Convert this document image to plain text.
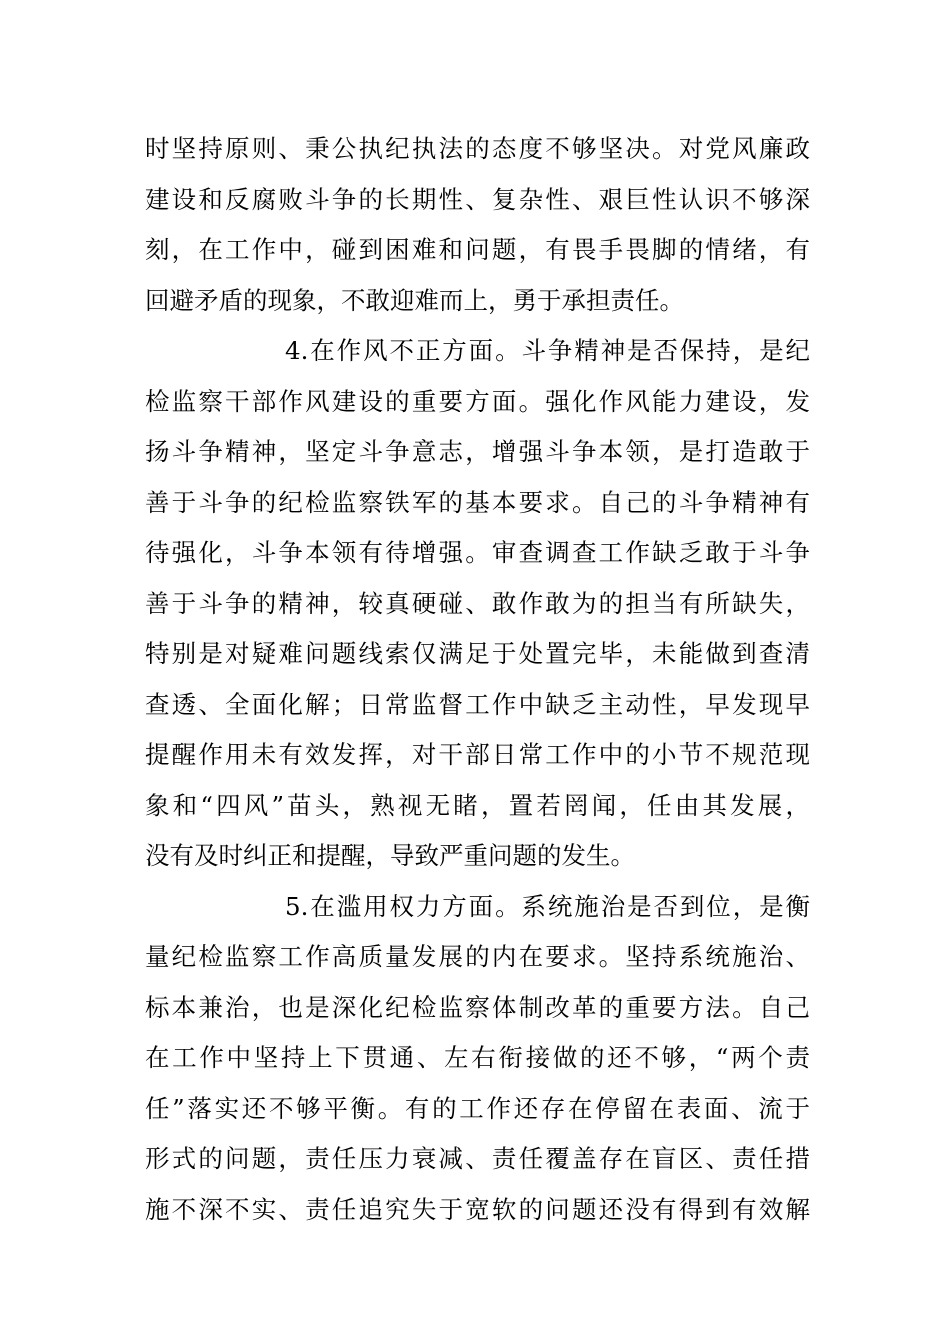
时坚持原则、秉公执纪执法的态度不够坚决。对党风廉政
建设和反腐败斗争的长期性、复杂性、艰巨性认识不够深
刻，在工作中，碰到困难和问题，有畏手畏脚的情绪，有
回避矛盾的现象，不敢迎难而上，勇于承担责任。
4.在作风不正方面。斗争精神是否保持，是纪
检监察干部作风建设的重要方面。强化作风能力建设，发
扬斗争精神，坚定斗争意志，增强斗争本领，是打造敢于
善于斗争的纪检监察铁军的基本要求。自己的斗争精神有
待强化，斗争本领有待增强。审查调查工作缺乏敢于斗争
善于斗争的精神，较真硬碰、敢作敢为的担当有所缺失，
特别是对疑难问题线索仅满足于处置完毕，未能做到查清
查透、全面化解；日常监督工作中缺乏主动性，早发现早
提醒作用未有效发挥，对干部日常工作中的小节不规范现
象和“四风”苗头，熟视无睹，置若罔闻，任由其发展，
没有及时纠正和提醒，导致严重问题的发生。
5.在滥用权力方面。系统施治是否到位，是衡
量纪检监察工作高质量发展的内在要求。坚持系统施治、
标本兼治，也是深化纪检监察体制改革的重要方法。自己
在工作中坚持上下贯通、左右衔接做的还不够，“两个责
任”落实还不够平衡。有的工作还存在停留在表面、流于
形式的问题，责任压力衰减、责任覆盖存在盲区、责任措
施不深不实、责任追究失于宽软的问题还没有得到有效解
